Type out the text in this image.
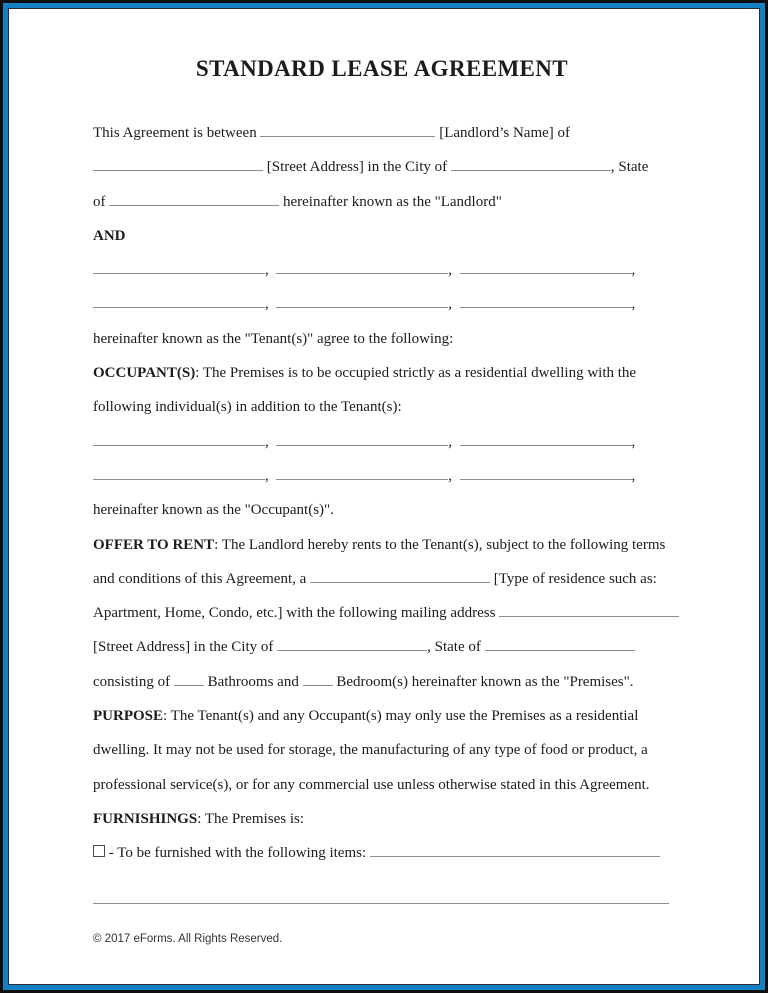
STANDARD LEASE AGREEMENT
This Agreement is between	[Landlord’s Name] of
[Street Address] in the City of	, State
of	hereinafter known as the "Landlord"
AND
,	,	,
,	,	,
hereinafter known as the "Tenant(s)" agree to the following:
OCCUPANT(S): The Premises is to be occupied strictly as a residential dwelling with the
following individual(s) in addition to the Tenant(s):
,	,	,
,	,	,
hereinafter known as the "Occupant(s)".
OFFER TO RENT: The Landlord hereby rents to the Tenant(s), subject to the following terms
and conditions of this Agreement, a	[Type of residence such as:
Apartment, Home, Condo, etc.] with the following mailing address
[Street Address] in the City of	, State of
consisting of  Bathrooms and  Bedroom(s) hereinafter known as the "Premises".
PURPOSE: The Tenant(s) and any Occupant(s) may only use the Premises as a residential
dwelling. It may not be used for storage, the manufacturing of any type of food or product, a
professional service(s), or for any commercial use unless otherwise stated in this Agreement.
FURNISHINGS: The Premises is:
- To be furnished with the following items:
© 2017 eForms. All Rights Reserved.
